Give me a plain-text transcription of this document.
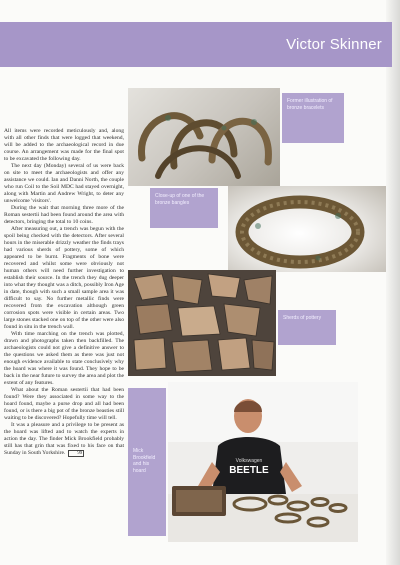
Victor Skinner
Former illustration of bronze bracelets
Close-up of one of the bronze bangles
Sherds of pottery
Mick Brookfield and his hoard
Volkswagen
BEETLE

All items were recorded meticulously and, along with all other finds that were logged that weekend, will be added to the archaeological record in due course. An arrangement was made for the final spot to be excavated the following day.

The next day (Monday) several of us were back on site to meet the archaeologists and offer any assistance we could. Ian and Danni North, the couple who run Coil to the Soil MDC had stayed overnight, along with Martin and Andrew Wright, to deter any unwelcome 'visitors'.

During the wait that morning three more of the Roman sestertii had been found around the area with detectors, bringing the total to 10 coins.

After measuring out, a trench was begun with the spoil being checked with the detectors. After several hours in the miserable drizzly weather the finds trays had various sherds of pottery, some of which appeared to be burnt. Fragments of bone were recovered and whilst some were obviously not human others will need further investigation to establish their source. In the trench they dug deeper into what they thought was a ditch, possibly Iron Age in date, though with such a small sample area it was difficult to say. No further metallic finds were recovered from the excavation although green corrosion spots were visible in certain areas. Two large stones stacked one on top of the other were also found in situ in the trench wall.

With time marching on the trench was plotted, drawn and photographs taken then backfilled. The archaeologists could not give a definitive answer to the questions we asked them as there was just not enough evidence available to state conclusively why the hoard was where it was found. They hope to be back in the near future to survey the area and plot the extent of any features.

What about the Roman sestertii that had been found? Were they associated in some way to the hoard found, maybe a purse drop and all had been found, or is there a big pot of the bronze beasties still waiting to be discovered? Hopefully time will tell.

It was a pleasure and a privilege to be present as the hoard was lifted and to watch the experts in action the day. The finder Mick Brookfield probably still has that grin that was fixed to his face on that Sunday in South Yorkshire.	99
